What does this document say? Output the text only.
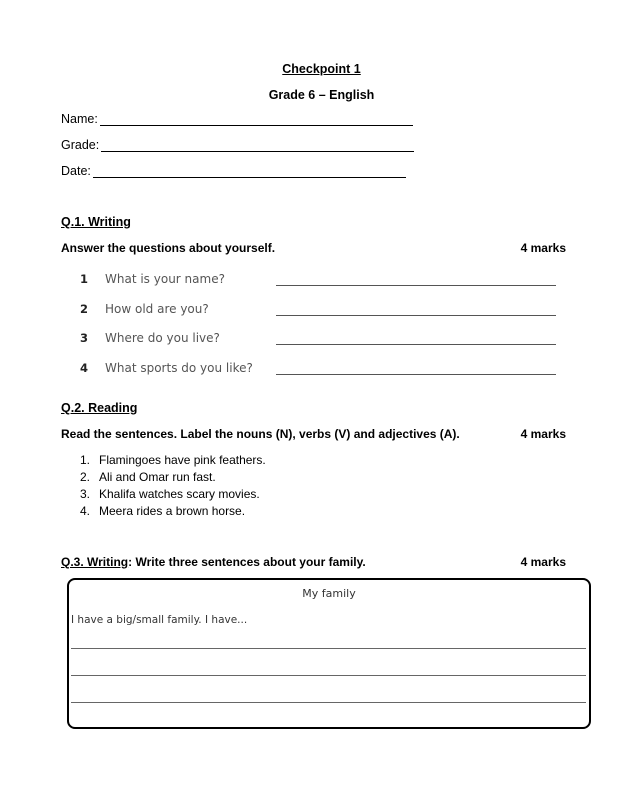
Checkpoint 1
Grade 6 – English
Name:
Grade:
Date:
Q.1. Writing
Answer the questions about yourself.	4 marks
1	What is your name?
2	How old are you?
3	Where do you live?
4	What sports do you like?
Q.2. Reading
Read the sentences. Label the nouns (N), verbs (V) and adjectives (A).	4 marks
1. Flamingoes have pink feathers.
2. Ali and Omar run fast.
3. Khalifa watches scary movies.
4. Meera rides a brown horse.
Q.3. Writing: Write three sentences about your family.	4 marks
My family
I have a big/small family. I have...
